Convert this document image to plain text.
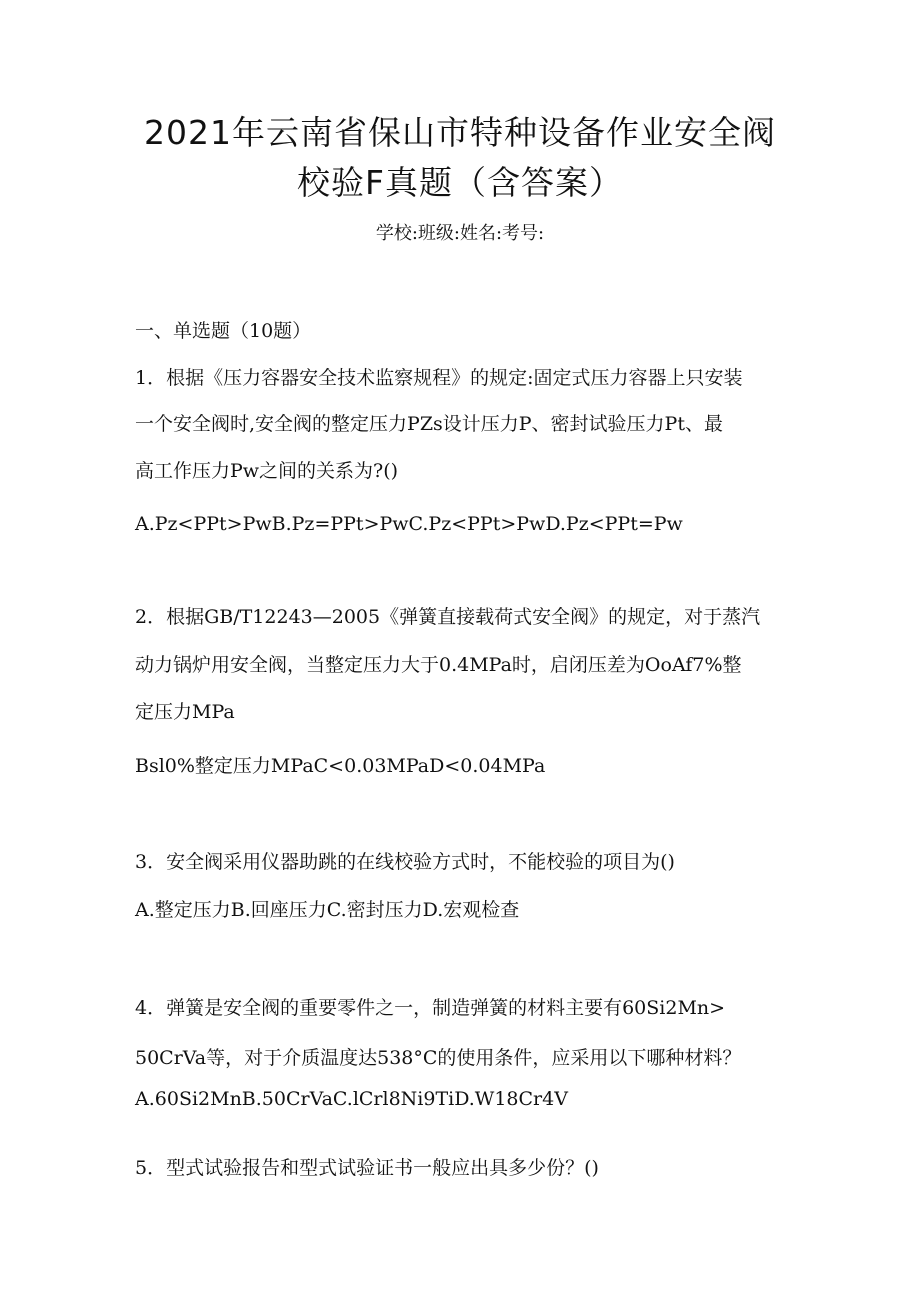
2021年云南省保山市特种设备作业安全阀
校验F真题（含答案）
学校:班级:姓名:考号:
一、单选题（10题）
1．根据《压力容器安全技术监察规程》的规定:固定式压力容器上只安装
一个安全阀时,安全阀的整定压力PZs设计压力P、密封试验压力Pt、最
高工作压力Pw之间的关系为?()
A.Pz<PPt>PwB.Pz=PPt>PwC.Pz<PPt>PwD.Pz<PPt=Pw
2．根据GB/T12243—2005《弹簧直接载荷式安全阀》的规定，对于蒸汽
动力锅炉用安全阀，当整定压力大于0.4MPa时，启闭压差为OoAf7%整
定压力MPa
Bsl0%整定压力MPaC<0.03MPaD<0.04MPa
3．安全阀采用仪器助跳的在线校验方式时，不能校验的项目为()
A.整定压力B.回座压力C.密封压力D.宏观检查
4．弹簧是安全阀的重要零件之一，制造弹簧的材料主要有60Si2Mn>
50CrVa等，对于介质温度达538°C的使用条件，应采用以下哪种材料？
A.60Si2MnB.50CrVaC.lCrl8Ni9TiD.W18Cr4V
5．型式试验报告和型式试验证书一般应出具多少份？()
